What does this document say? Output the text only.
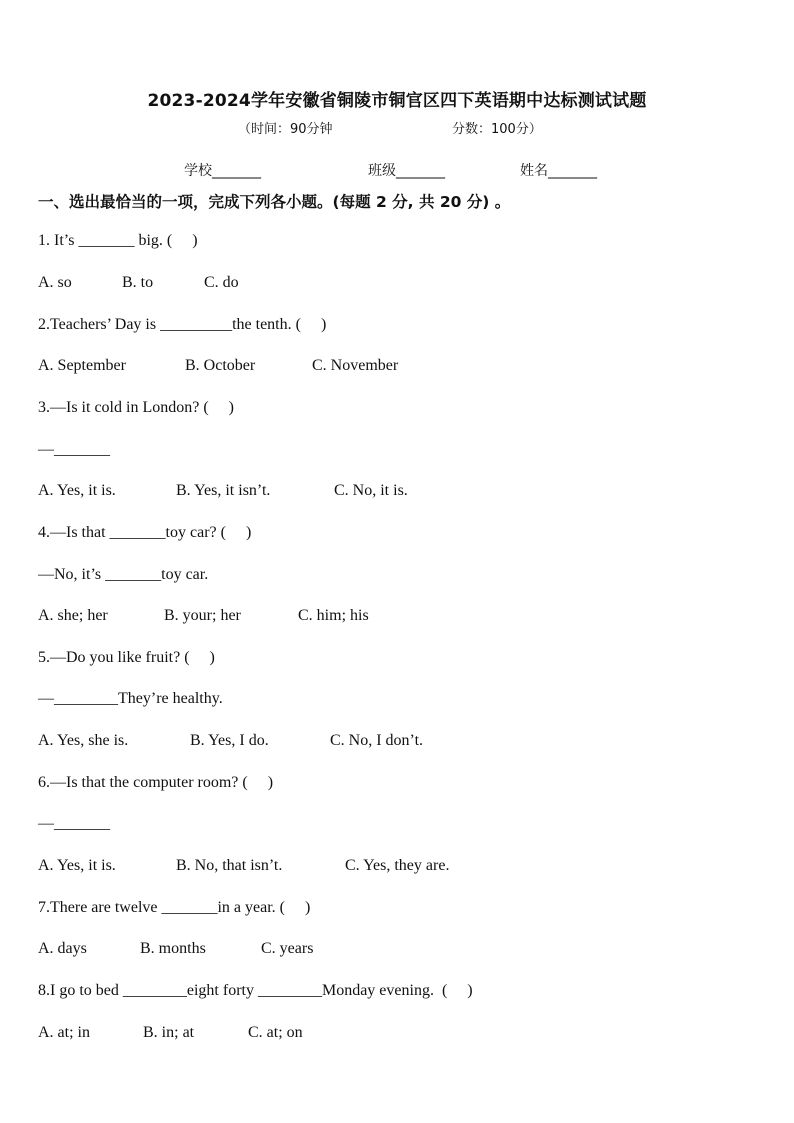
2023-2024学年安徽省铜陵市铜官区四下英语期中达标测试试题
（时间：90分钟	分数：100分）
学校_______	班级_______	姓名_______
一、选出最恰当的一项，完成下列各小题。(每题 2 分, 共 20 分) 。
1. It’s _______ big. (     )
A. so	B. to	C. do
2.Teachers’ Day is _________the tenth. (     )
A. September	B. October	C. November
3.—Is it cold in London? (     )
—_______
A. Yes, it is.	B. Yes, it isn’t.	C. No, it is.
4.—Is that _______toy car? (     )
—No, it’s _______toy car.
A. she; her	B. your; her	C. him; his
5.—Do you like fruit? (     )
—________They’re healthy.
A. Yes, she is.	B. Yes, I do.	C. No, I don’t.
6.—Is that the computer room? (     )
—_______
A. Yes, it is.	B. No, that isn’t.	C. Yes, they are.
7.There are twelve _______in a year. (     )
A. days	B. months	C. years
8.I go to bed ________eight forty ________Monday evening.  (     )
A. at; in	B. in; at	C. at; on
